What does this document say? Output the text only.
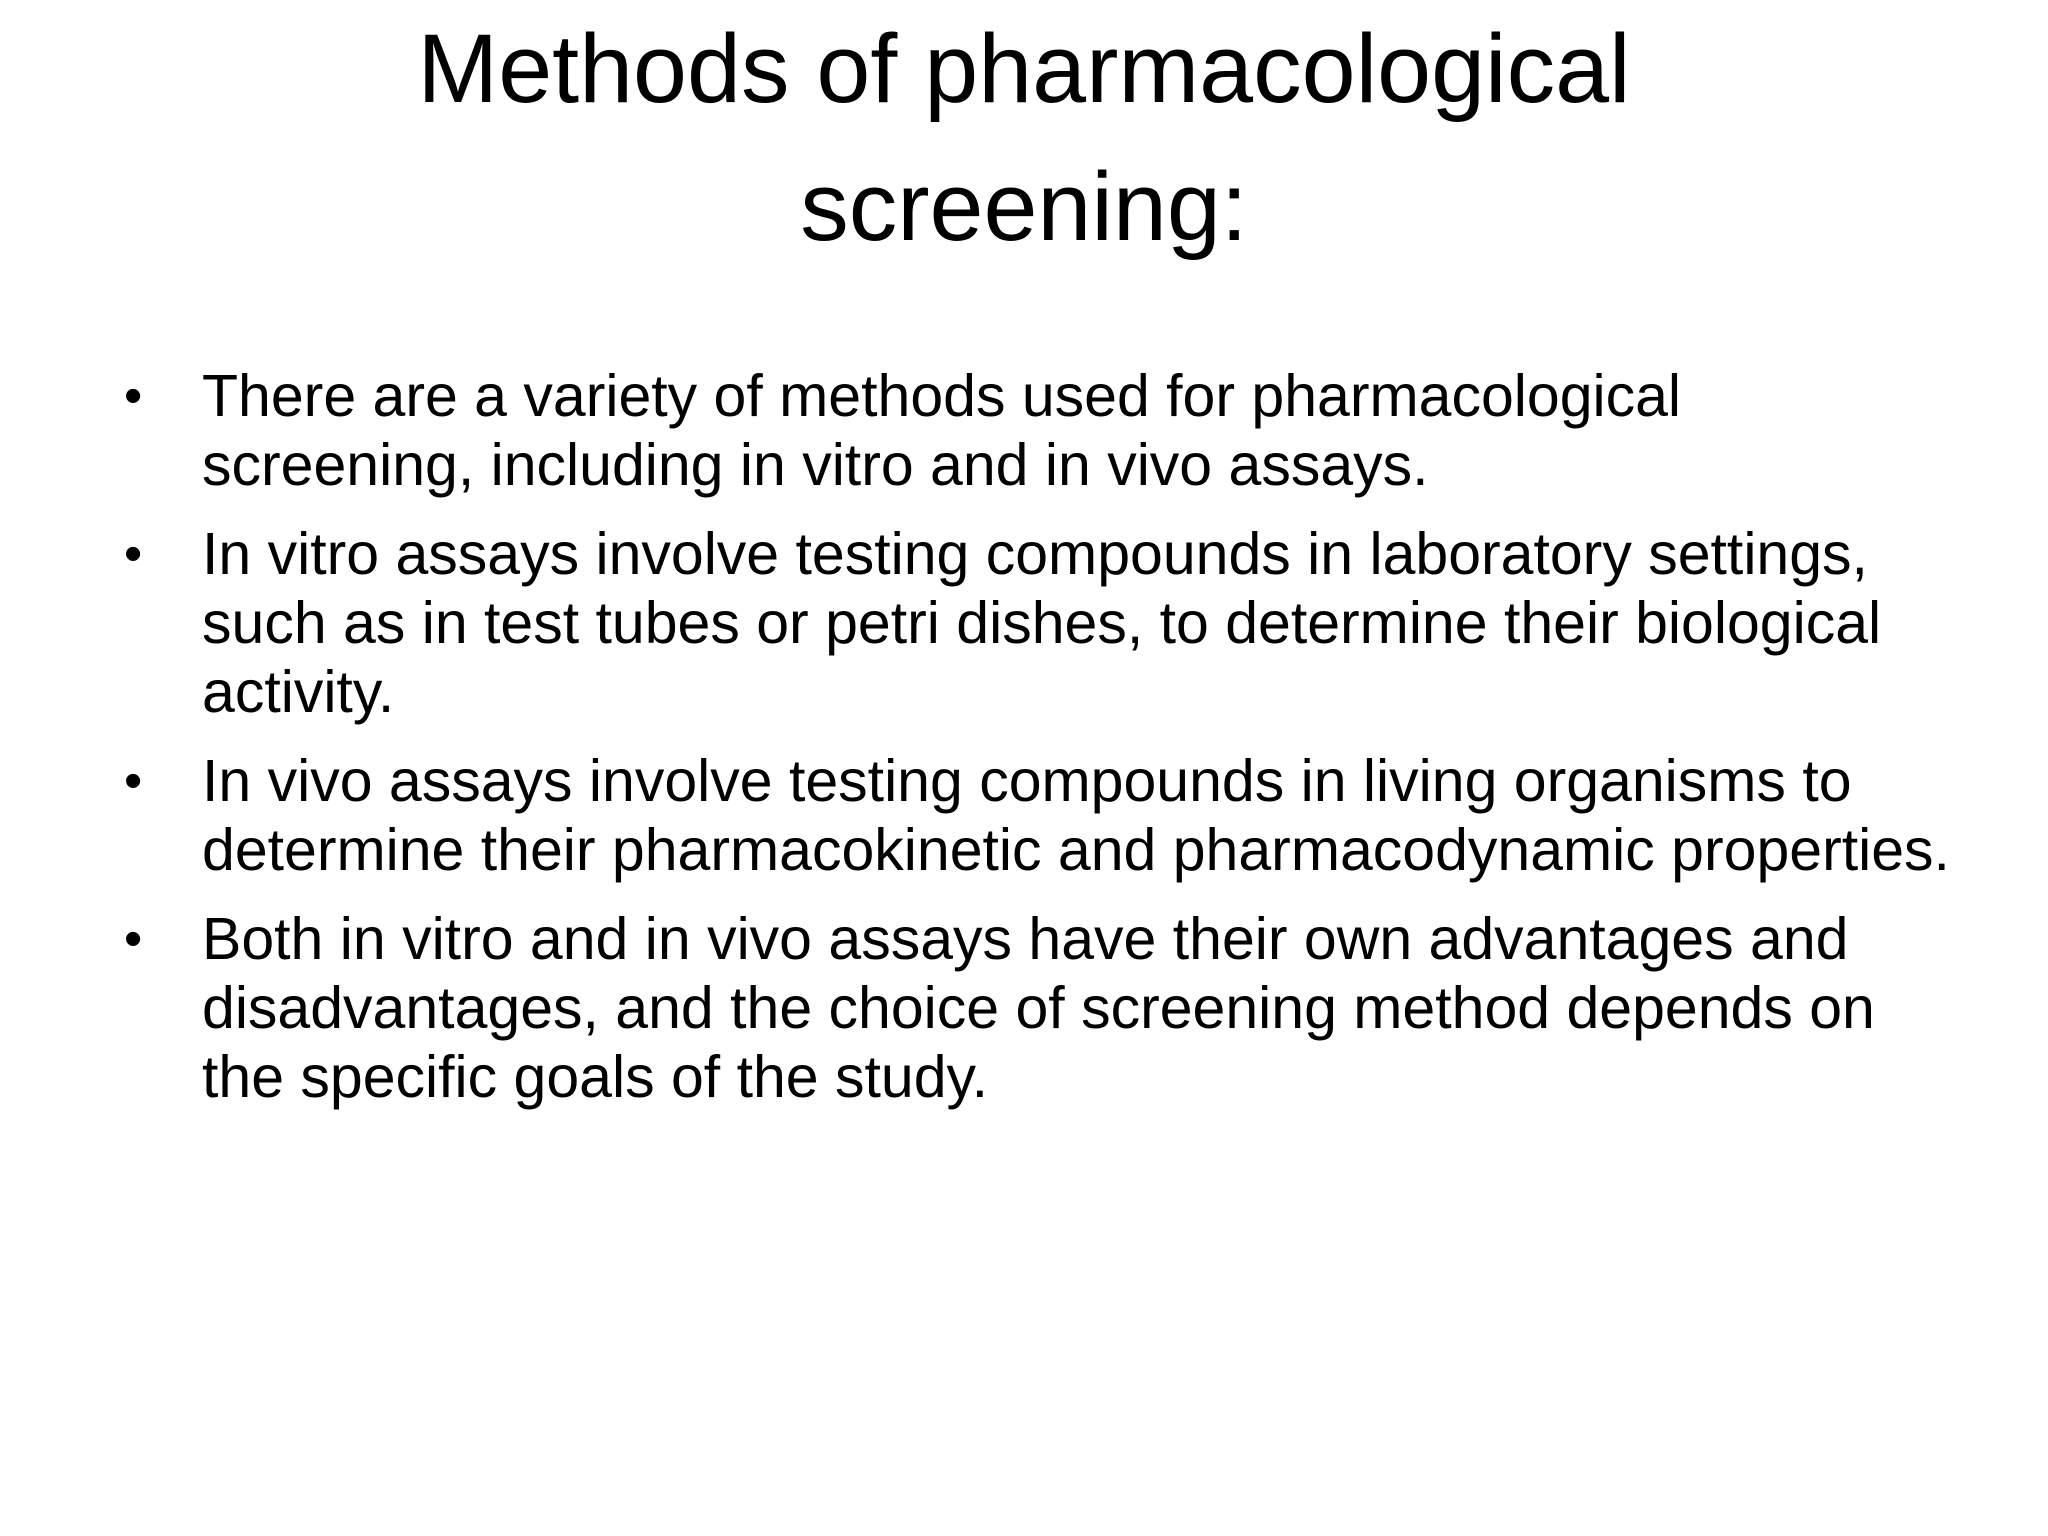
Methods of pharmacological
screening:
•	There are a variety of methods used for pharmacological screening, including in vitro and in vivo assays.
•	In vitro assays involve testing compounds in laboratory settings, such as in test tubes or petri dishes, to determine their biological activity.
•	In vivo assays involve testing compounds in living organisms to determine their pharmacokinetic and pharmacodynamic properties.
•	Both in vitro and in vivo assays have their own advantages and disadvantages, and the choice of screening method depends on the specific goals of the study.
